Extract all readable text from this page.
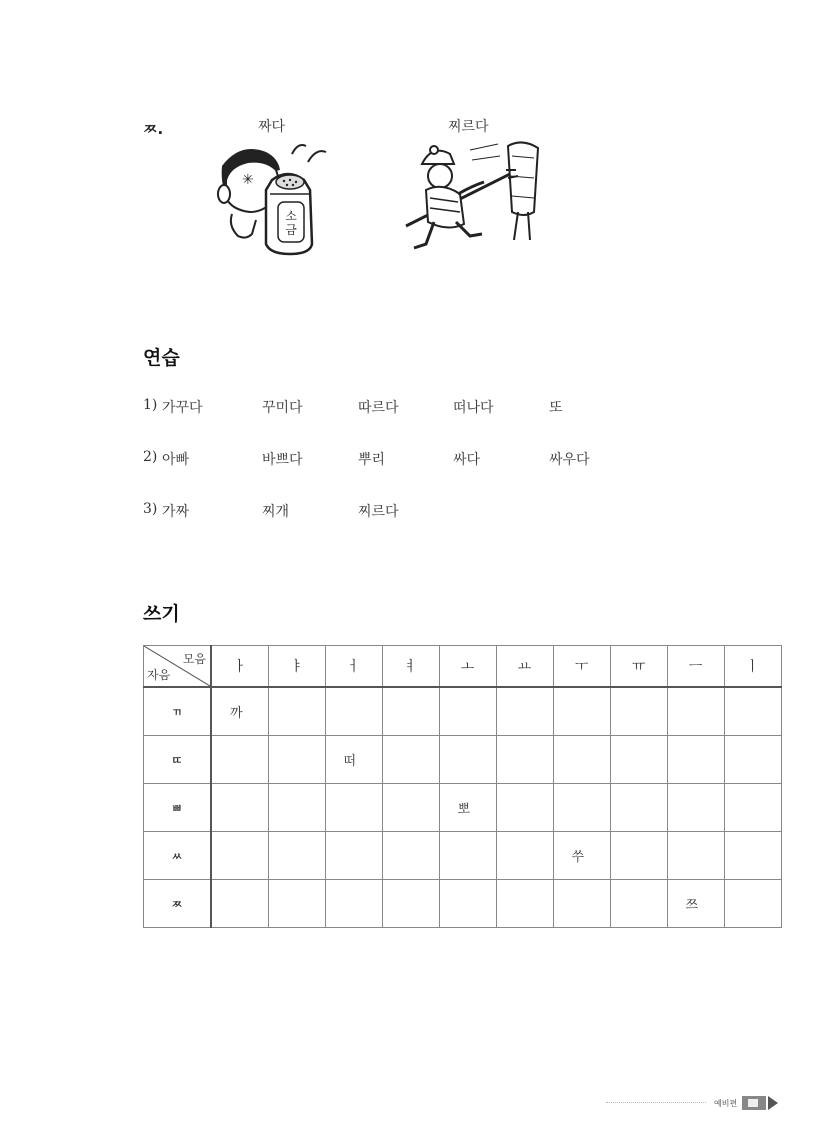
ㅉ.	짜다	찌르다
✳
소
금
연습
1) 가꾸다	꾸미다	따르다	떠나다	또
2) 아빠	바쁘다	뿌리	싸다	싸우다
3) 가짜	찌개	찌르다
쓰기
모음
자음	ㅏ	ㅑ	ㅓ	ㅕ	ㅗ	ㅛ	ㅜ	ㅠ	ㅡ	ㅣ
ㄲ	까									
ㄸ			떠							
ㅃ					뽀					
ㅆ							쑤			
ㅉ									쯔	
예비편
